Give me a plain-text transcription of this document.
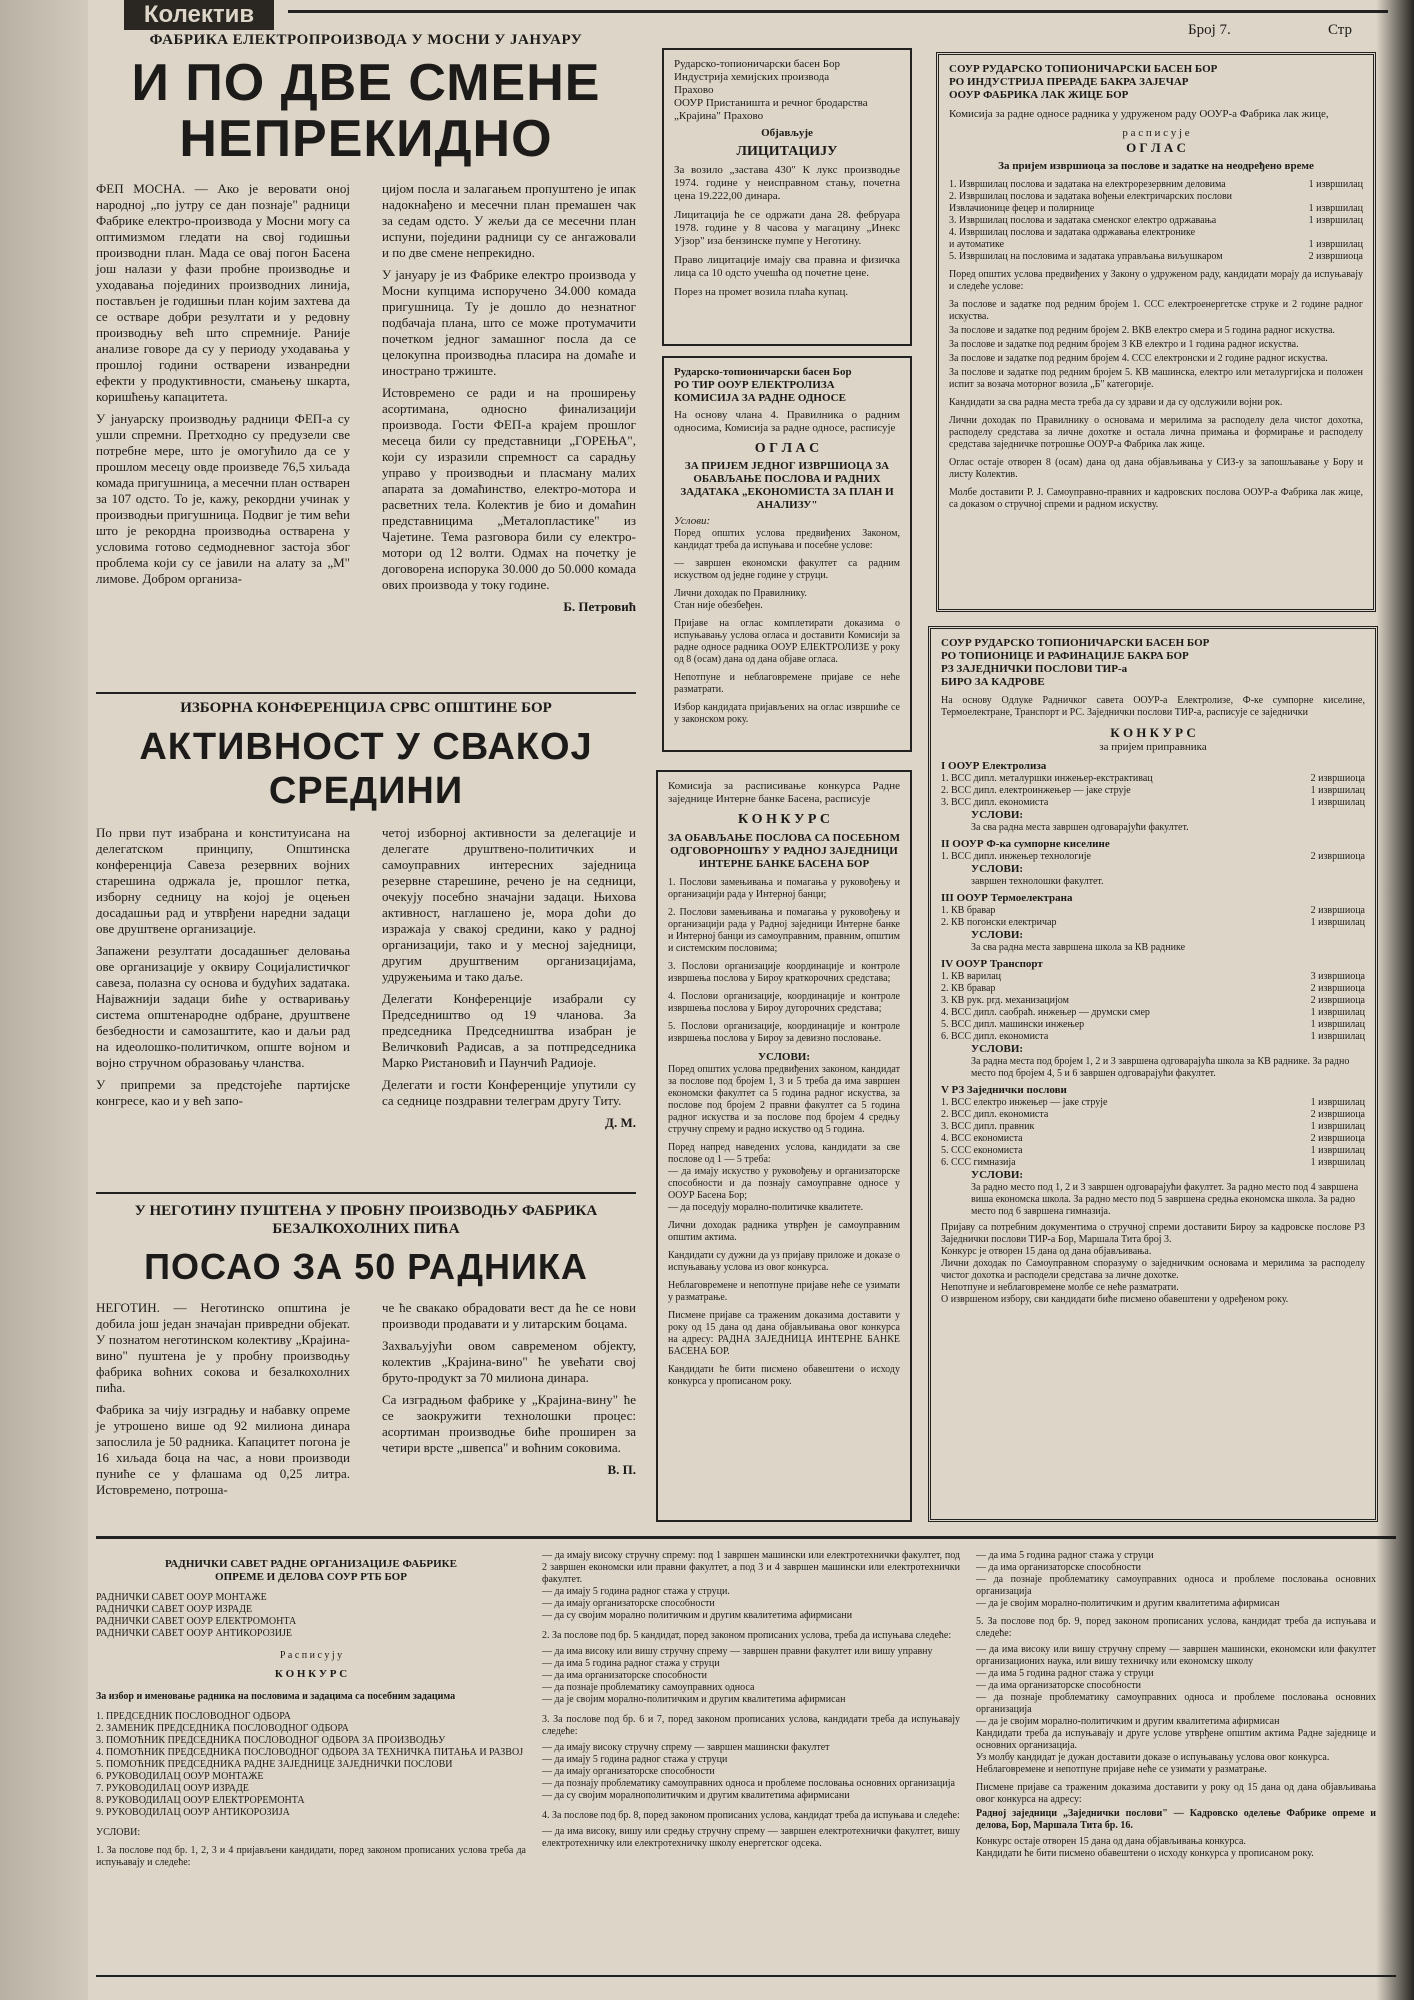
Колектив
Број 7.	Стр
ФАБРИКА ЕЛЕКТРОПРОИЗВОДА У МОСНИ У ЈАНУАРУ
И ПО ДВЕ СМЕНЕ
НЕПРЕКИДНО

ФЕП МОСНА. — Ако је веровати оној народној „по јутру се дан познаје" радници Фабрике електро-производа у Мосни могу са оптимизмом гледати на свој годишњи производни план. Мада се овај погон Басена још налази у фази пробне производње и уходавања појединих производних линија, постављен је годишњи план којим захтева да се остваре добри резултати и у редовну производњу већ што спремније. Раније анализе говоре да су у периоду уходавања у прошлој години остварени изванредни ефекти у продуктивности, смањењу шкарта, коришћењу капацитета.

У јануарску производњу радници ФЕП-а су ушли спремни. Претходно су предузели све потребне мере, што је омогућило да се у прошлом месецу овде произведе 76,5 хиљада комада пригушница, а месечни план остварен за 107 одсто. То је, кажу, рекордни учинак у производњи пригушница. Подвиг је тим већи што је рекордна производња остварена у условима готово седмодневног застоја због проблема који су се јавили на алату за „М" лимове. Добром организа-

цијом послa и залагањем пропуштено је ипак надокнађено и месечни план премашен чак за седам одсто. У жељи да се месечни план испуни, поједини радници су се ангажовали и по две смене непрекидно.

У јануару је из Фабрике електро производа у Мосни купцима испоручено 34.000 комада пригушница. Ту је дошло до незнатног подбачаја плана, што се може протумачити почетком једног замашног посла да се целокупна производња пласира на домаће и иностранo тржиште.

Истовремено се ради и на проширењу асортимана, односно финализацији производа. Гости ФЕП-а крајем прошлог месеца били су представници „ГОРЕЊА", који су изразили спремност са сарадњу управо у производњи и пласману малих апарата за домаћинство, електро-мотора и расветних тела. Колектив је био и домаћин представницима „Металопластике" из Чајетине. Тема разговора били су електро-мотори од 12 волти. Одмах на почетку је договорена испорука 30.000 до 50.000 комада ових производа у току године.

Б. Петровић
ИЗБОРНА КОНФЕРЕНЦИЈА СРВС ОПШТИНЕ БОР
АКТИВНОСТ У СВАКОЈ
СРЕДИНИ

По први пут изабрана и конституисана на делегатском принципу, Општинска конференција Савеза резервних војних старешина одржала је, прошлог петка, изборну седницу на којој је оцењен досадашњи рад и утврђени наредни задаци ове друштвене организације.

Запажени резултати досадашњег деловања ове организације у оквиру Социјалистичког савеза, полазна су основа и будућих задатака. Најважнији задаци биће у остваривању система општенародне одбране, друштвене безбедности и самозаштите, као и даљи рад на идеолошко-политичком, општe војном и војно стручном образовању чланства.

У припреми за предстојеће партијске конгресе, као и у већ запо-

четој изборној активности за делегације и делегате друштвено-политичких и самоуправних интересних заједница резервне старешине, речено је на седници, очекују посебно значајни задаци. Њихова активност, наглашено је, мора доћи до изражаја у свакој средини, како у радној организацији, тако и у месној заједници, другим друштвеним организацијама, удружењима и тако даље.

Делегати Конференције изабрали су Председништво од 19 чланова. За председника Председништва изабран је Величковић Радисав, а за потпредседника Марко Ристановић и Паунчић Радиоје.

Делегати и гости Конференције упутили су са седнице поздравни телеграм другу Титу.

Д. М.
У НЕГОТИНУ ПУШТЕНА У ПРОБНУ ПРОИЗВОДЊУ ФАБРИКА БЕЗАЛКОХОЛНИХ ПИЋА
ПОСАО ЗА 50 РАДНИКА

НЕГОТИН. — Неготинско општина је добила још један значајан привредни објекат. У познатом неготинском колективу „Крајина-вино" пуштена је у пробну производњу фабрика воћних сокова и безалкохолних пића.

Фабрика за чију изградњу и набавку опреме је утрошено више од 92 милиона динара запослила је 50 радника. Капацитет погона је 16 хиљада боца на час, а нови производи пуниће се у флашама од 0,25 литра. Истовремено, потроша-

че ће свакако обрадовати вест да ће се нови производи продавати и у литарским боцама.

Захваљујући овом савременом објекту, колектив „Крајина-вино" ће увећати свој бруто-продукт за 70 милиона динара.

Са изградњом фабрике у „Крајина-вину" ће се заокружити технолошки процес: асортиман производње биће проширен за четири врсте „швепса" и воћним соковима.

В. П.
Рударско-топионичарски басен Бор
Индустрија хемијских производа
Прахово
ООУР Пристаништа и речног бродарства „Крајина" Прахово
Објављује
ЛИЦИТАЦИЈУ

За возило „застава 430" К лукс производње 1974. године у неисправном стању, почетна цена 19.222,00 динара.

Лицитација ће се одржати дана 28. фебруара 1978. године у 8 часова у магацину „Инекс Ујзор" иза бензинске пумпе у Неготину.

Право лицитације имају сва правна и физичка лица са 10 одсто учешћа од почетне цене.

Порез на промет возила плаћа купац.

Рударско-топионичарски басен Бор
РО ТИР ООУР ЕЛЕКТРОЛИЗА
КОМИСИЈА ЗА РАДНЕ ОДНОСЕ

На основу члана 4. Правилника о радним односима, Комисија за радне односе, расписује

О Г Л А С
ЗА ПРИЈЕМ ЈЕДНОГ ИЗВРШИОЦА ЗА ОБАВЉАЊЕ ПОСЛОВА И РАДНИХ ЗАДАТАКА „ЕКОНОМИСТА ЗА ПЛАН И АНАЛИЗУ"
Услови:

Поред општих услова предвиђених Законом, кандидат треба да испуњава и посебне услове:

— завршен економски факултет са радним искуством од једне године у струци.

Лични доходак по Правилнику.

Стан није обезбеђен.

Пријаве на оглас комплетирати доказима о испуњавању услова огласа и доставити Комисији за радне односе радника ООУР ЕЛЕКТРОЛИЗЕ у року од 8 (осам) дана од дана објаве огласа.

Непотпуне и неблаговремене пријаве се неће разматрати.

Избор кандидата пријављених на оглас извршиће се у законском року.

Комисија за расписивање конкурса Радне заједнице Интерне банке Басена, расписује

К О Н К У Р С
ЗА ОБАВЉАЊЕ ПОСЛОВА СА ПОСЕБНОМ ОДГОВОРНОШЋУ У РАДНОЈ ЗАЈЕДНИЦИ ИНТЕРНЕ БАНКЕ БАСЕНА БОР

1. Послови замењивања и помагања у руковођењу и организацији рада у Интерној банци;

2. Послови замењивања и помагања у руковођењу и организацији рада у Радној заједници Интерне банке и Интерној банци из самоуправним, правним, општим и системским пословима;

3. Послови организације координације и контроле извршења послова у Бироу краткорочних средстава;

4. Послови организације, координације и контроле извршења послова у Бироу дугорочних средстава;

5. Послови организације, координације и контроле извршења послова у Бироу за девизно пословање.

УСЛОВИ:

Поред општих услова предвиђених законом, кандидат за послове под бројем 1, 3 и 5 треба да има завршен економски факултет са 5 година радног искуства, за послове под бројем 2 правни факултет са 5 година радног искуства и за послове под бројем 4 средњу стручну спрему и радно искуство од 5 година.

Поред напред наведених услова, кандидати за све послове од 1 — 5 треба:

— да имају искуство у руковођењу и организаторске способности и да познају самоуправне односе у ООУР Басена Бор;

— да поседују морално-политичке квалитете.

Лични доходак радника утврђен је самоуправним општим актима.

Кандидати су дужни да уз пријаву приложе и доказе о испуњавању услова из овог конкурса.

Неблаговремене и непотпуне пријаве неће се узимати у разматрање.

Писмене пријаве са траженим доказима доставити у року од 15 дана од дана објављивања овог конкурса на адресу: РАДНА ЗАЈЕДНИЦА ИНТЕРНЕ БАНКЕ БАСЕНА БОР.

Кандидати ће бити писмено обавештени о исходу конкурса у прописаном року.

СОУР РУДАРСКО ТОПИОНИЧАРСКИ БАСЕН БОР
РО ИНДУСТРИЈА ПРЕРАДЕ БАКРА ЗАЈЕЧАР
ООУР ФАБРИКА ЛАК ЖИЦЕ БОР

Комисија за радне односе радника у удруженом раду ООУР-а Фабрика лак жице,

р а с п и с у ј е
О Г Л А С
За пријем извршиоца за послове и задатке на неодређено време
1. Извршилац послова и задатака на електрорезервним деловима	1 извршилац
2. Извршилац послова и задатака вођењи електричарских послови
Извлачионице фецер и полирнице	1 извршилац
3. Извршилац послова и задатака сменског електро одржавања	1 извршилац
4. Извршилац послова и задатака одржавања електронике
и аутоматике	1 извршилац
5. Извршилац на пословима и задатака управљања виљушкаром	2 извршиоца

Поред општих услова предвиђених у Закону о удруженом раду, кандидати морају да испуњавају и следеће услове:

За послове и задатке под редним бројем 1. ССС електроенергетске струке и 2 године радног искуства.

За послове и задатке под редним бројем 2. ВКВ електро смера и 5 година радног искуства.

За послове и задатке под редним бројем 3 КВ електро и 1 година радног искуства.

За послове и задатке под редним бројем 4. ССС електронски и 2 године радног искуства.

За послове и задатке под редним бројем 5. КВ машинска, електро или металургијска и положен испит за возача моторног возила „Б" категорије.

Кандидати за сва радна места треба да су здрави и да су одслужили војни рок.

Лични доходак по Правилнику о основама и мерилима за расподелу дела чистог дохотка, расподелу средстава за личне дохотке и остала лична примања и формирање и расподелу средстава заједничке потрошње ООУР-а Фабрика лак жице.

Оглас остаје отворен 8 (осам) дана од дана објављивања у СИЗ-у за запошљавање у Бору и листу Колектив.

Молбе доставити Р. Ј. Самоуправно-правних и кадровских послова ООУР-а Фабрика лак жице, са доказом о стручној спреми и радном искуству.

СОУР РУДАРСКО ТОПИОНИЧАРСКИ БАСЕН БОР
РО ТОПИОНИЦЕ И РАФИНАЦИЈЕ БАКРА БОР
РЗ ЗАЈЕДНИЧКИ ПОСЛОВИ ТИР-а
БИРО ЗА КАДРОВЕ

На основу Одлуке Радничког савета ООУР-а Електролизе, Ф-ке сумпорне киселине, Термоелектране, Транспорт и РС. Заједнички послови ТИР-а, расписује се заједнички

К О Н К У Р С
за пријем приправника
I ООУР Електролиза
1. ВСС дипл. металуршки инжењер-екстрактивац	2 извршиоца
2. ВСС дипл. електроинжењер — јаке струје	1 извршилац
3. ВСС дипл. економиста	1 извршилац
УСЛОВИ:
За сва радна места завршен одговарајући факултет.
II ООУР Ф-ка сумпорне киселине
1. ВСС дипл. инжењер технологије	2 извршиоца
УСЛОВИ:
завршен технолошки факултет.
III ООУР Термоелектрана
1. КВ бравар	2 извршиоца
2. КВ погонски електричар	1 извршилац
УСЛОВИ:
За сва радна места завршена школа за КВ раднике
IV ООУР Транспорт
1. КВ варилац	3 извршиоца
2. КВ бравар	2 извршиоца
3. КВ рук. ргд. механизацијом	2 извршиоца
4. ВСС дипл. саобраћ. инжењер — друмски смер	1 извршилац
5. ВСС дипл. машински инжењер	1 извршилац
6. ВСС дипл. економиста	1 извршилац
УСЛОВИ:
За радна места под бројем 1, 2 и 3 завршена одговарајућа школа за КВ раднике. За радно место под бројем 4, 5 и 6 завршен одговарајући факултет.
V РЗ Заједнички послови
1. ВСС електро инжењер — јаке струје	1 извршилац
2. ВСС дипл. економиста	2 извршиоца
3. ВСС дипл. правник	1 извршилац
4. ВСС економиста	2 извршиоца
5. ССС економиста	1 извршилац
6. ССС гимназија	1 извршилац
УСЛОВИ:
За радно место под 1, 2 и 3 завршен одговарајући факултет. За радно место под 4 завршена виша економска школа. За радно место под 5 завршена средња економска школа. За радно место под 6 завршена гимназија.

Пријаву са потребним документима о стручној спреми доставити Бироу за кадровске послове РЗ Заједнички послови ТИР-а Бор, Маршала Тита број 3.

Конкурс је отворен 15 дана од дана објављивања.

Лични доходак по Самоуправном споразуму о заједничким основама и мерилима за расподелу чистог дохотка и расподели средстава за личне дохотке.

Непотпуне и неблаговремене молбе се неће разматрати.

О извршеном избору, сви кандидати биће писмено обавештени у одређеном року.

РАДНИЧКИ САВЕТ РАДНЕ ОРГАНИЗАЦИЈЕ ФАБРИКЕ
ОПРЕМЕ И ДЕЛОВА СОУР РТБ БОР
РАДНИЧКИ САВЕТ ООУР МОНТАЖЕ
РАДНИЧКИ САВЕТ ООУР ИЗРАДЕ
РАДНИЧКИ САВЕТ ООУР ЕЛЕКТРОМОНТА
РАДНИЧКИ САВЕТ ООУР АНТИКОРОЗИЈЕ
Р а с п и с у ј у
К О Н К У Р С
За избор и именовање радника на пословима и задацима са посебним задацима
1. ПРЕДСЕДНИК ПОСЛОВОДНОГ ОДБОРА
2. ЗАМЕНИК ПРЕДСЕДНИКА ПОСЛОВОДНОГ ОДБОРА
3. ПОМОЋНИК ПРЕДСЕДНИКА ПОСЛОВОДНОГ ОДБОРА ЗА ПРОИЗВОДЊУ
4. ПОМОЋНИК ПРЕДСЕДНИКА ПОСЛОВОДНОГ ОДБОРА ЗА ТЕХНИЧКА ПИТАЊА И РАЗВОЈ
5. ПОМОЋНИК ПРЕДСЕДНИКА РАДНЕ ЗАЈЕДНИЦЕ ЗАЈЕДНИЧКИ ПОСЛОВИ
6. РУКОВОДИЛАЦ ООУР МОНТАЖЕ
7. РУКОВОДИЛАЦ ООУР ИЗРАДЕ
8. РУКОВОДИЛАЦ ООУР ЕЛЕКТРОРЕМОНТА
9. РУКОВОДИЛАЦ ООУР АНТИКОРОЗИЈА
УСЛОВИ:

1. За послове под бр. 1, 2, 3 и 4 пријављени кандидати, поред законом прописаних услова треба да испуњавају и следеће:

— да имају високу стручну спрему: под 1 завршен машински или електротехнички факултет, под 2 завршен економски или правни факултет, а под 3 и 4 завршен машински или електротехнички факултет.

— да имају 5 година радног стажа у струци.

— да имају организаторске способности

— да су својим морално политичким и другим квалитетима афирмисани

2. За послове под бр. 5 кандидат, поред законом прописаних услова, треба да испуњава следеће:

— да има високу или вишу стручну спрему — завршен правни факултет или вишу управну

— да има 5 година радног стажа у струци

— да има организаторске способности

— да познаје проблематику самоуправних односа

— да је својим морално-политичким и другим квалитетима афирмисан

3. За послове под бр. 6 и 7, поред законом прописаних услова, кандидати треба да испуњавају следеће:

— да имају високу стручну спрему — завршен машински факултет

— да имају 5 година радног стажа у струци

— да имају организаторске способности

— да познају проблематику самоуправних односа и проблеме пословања основних организација

— да су својим моралнополитичким и другим квалитетима афирмисани

4. За послове под бр. 8, поред законом прописаних услова, кандидат треба да испуњава и следеће:

— да има високу, вишу или средњу стручну спрему — завршен електротехнички факултет, вишу електротехничку или електротехничку школу енергетског одсека.

— да има 5 година радног стажа у струци

— да има организаторске способности

— да познаје проблематику самоуправних односа и проблеме пословања основних организација

— да је својим морално-политичким и другим квалитетима афирмисан

5. За послове под бр. 9, поред законом прописаних услова, кандидат треба да испуњава и следеће:

— да има високу или вишу стручну спрему — завршен машински, економски или факултет организационих наука, или вишу техничку или економску школу

— да има 5 година радног стажа у струци

— да има организаторске способности

— да познаје проблематику самоуправних односа и проблеме пословања основних организација

— да је својим морално-политичким и другим квалитетима афирмисан

Кандидати треба да испуњавају и друге услове утврђене општим актима Радне заједнице и основних организација.

Уз молбу кандидат је дужан доставити доказе о испуњавању услова овог конкурса.

Неблаговремене и непотпуне пријаве неће се узимати у разматрање.

Писмене пријаве са траженим доказима доставити у року од 15 дана од дана објављивања овог конкурса на адресу:

Радној заједници „Заједнички послови" — Кадровско оделење Фабрике опреме и делова, Бор, Маршала Тита бр. 16.

Конкурс остаје отворен 15 дана од дана објављивања конкурса.

Кандидати ће бити писмено обавештени о исходу конкурса у прописаном року.
